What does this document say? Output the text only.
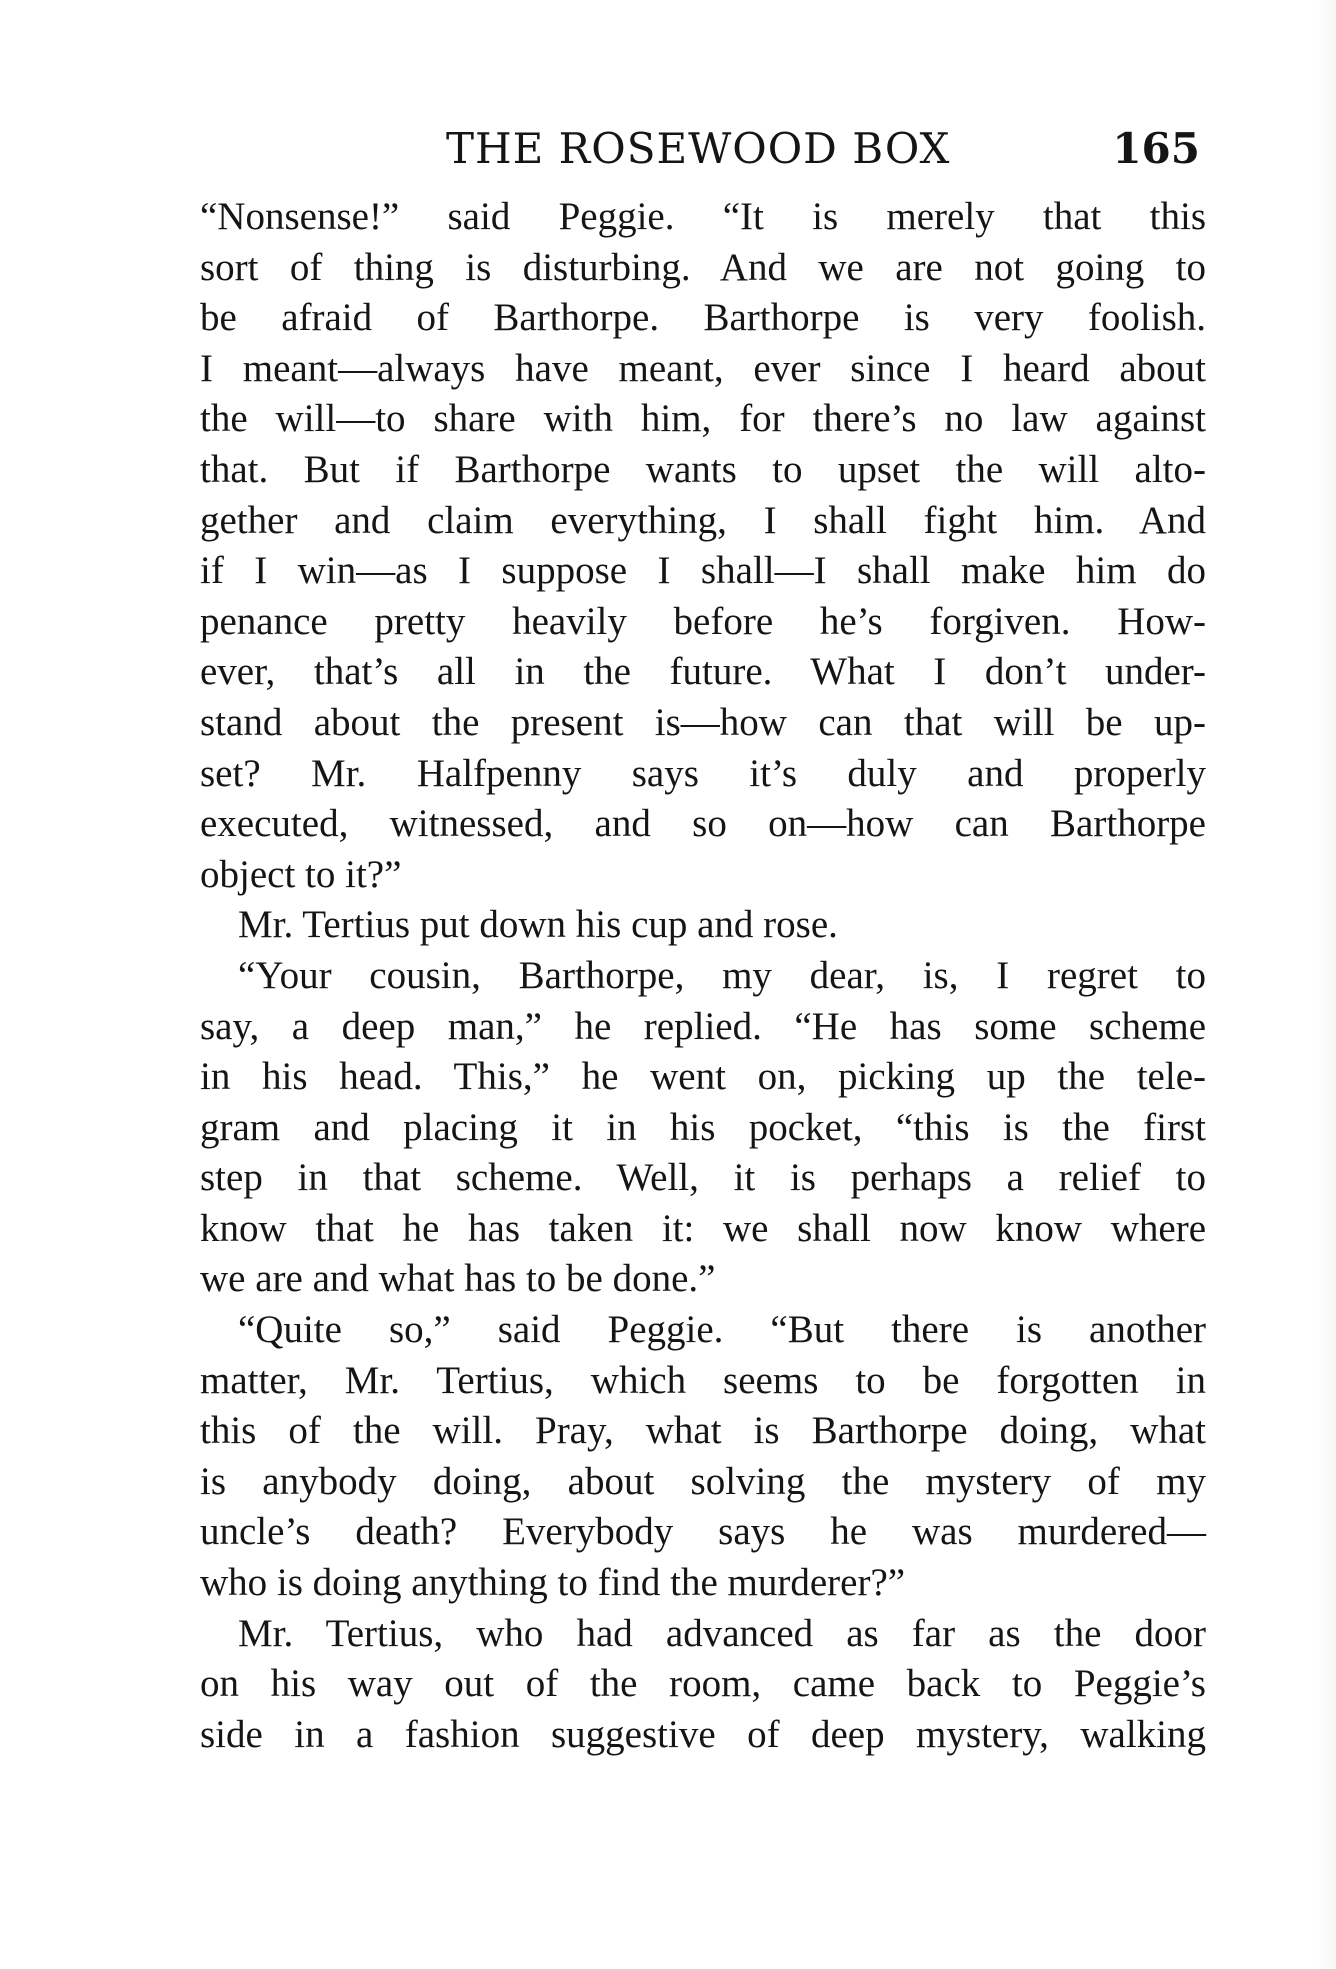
THE ROSEWOOD BOX	165
“Nonsense!” said Peggie. “It is merely that this
sort of thing is disturbing. And we are not going to
be afraid of Barthorpe. Barthorpe is very foolish.
I meant—always have meant, ever since I heard about
the will—to share with him, for there’s no law against
that. But if Barthorpe wants to upset the will alto-
gether and claim everything, I shall fight him. And
if I win—as I suppose I shall—I shall make him do
penance pretty heavily before he’s forgiven. How-
ever, that’s all in the future. What I don’t under-
stand about the present is—how can that will be up-
set? Mr. Halfpenny says it’s duly and properly
executed, witnessed, and so on—how can Barthorpe
object to it?”
Mr. Tertius put down his cup and rose.
“Your cousin, Barthorpe, my dear, is, I regret to
say, a deep man,” he replied. “He has some scheme
in his head. This,” he went on, picking up the tele-
gram and placing it in his pocket, “this is the first
step in that scheme. Well, it is perhaps a relief to
know that he has taken it: we shall now know where
we are and what has to be done.”
“Quite so,” said Peggie. “But there is another
matter, Mr. Tertius, which seems to be forgotten in
this of the will. Pray, what is Barthorpe doing, what
is anybody doing, about solving the mystery of my
uncle’s death? Everybody says he was murdered—
who is doing anything to find the murderer?”
Mr. Tertius, who had advanced as far as the door
on his way out of the room, came back to Peggie’s
side in a fashion suggestive of deep mystery, walking
